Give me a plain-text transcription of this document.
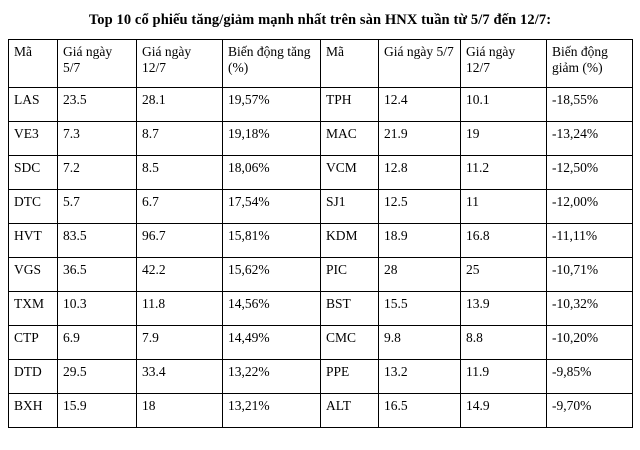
Top 10 cổ phiếu tăng/giảm mạnh nhất trên sàn HNX tuần từ 5/7 đến 12/7:
Mã	Giá ngày 5/7	Giá ngày 12/7	Biến động tăng (%)	Mã	Giá ngày 5/7	Giá ngày 12/7	Biến động giảm (%)
LAS	23.5	28.1	19,57%	TPH	12.4	10.1	-18,55%
VE3	7.3	8.7	19,18%	MAC	21.9	19	-13,24%
SDC	7.2	8.5	18,06%	VCM	12.8	11.2	-12,50%
DTC	5.7	6.7	17,54%	SJ1	12.5	11	-12,00%
HVT	83.5	96.7	15,81%	KDM	18.9	16.8	-11,11%
VGS	36.5	42.2	15,62%	PIC	28	25	-10,71%
TXM	10.3	11.8	14,56%	BST	15.5	13.9	-10,32%
CTP	6.9	7.9	14,49%	CMC	9.8	8.8	-10,20%
DTD	29.5	33.4	13,22%	PPE	13.2	11.9	-9,85%
BXH	15.9	18	13,21%	ALT	16.5	14.9	-9,70%
